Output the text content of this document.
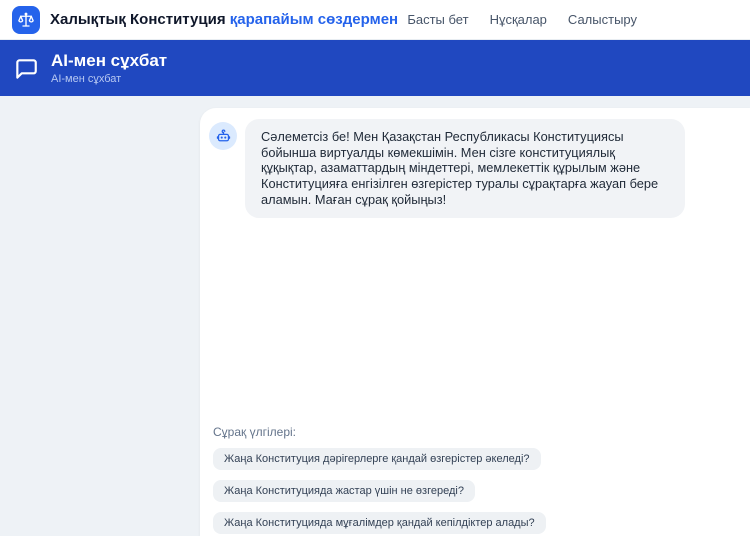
Халықтық Конституция қарапайым сөздермен Басты бет Нұсқалар Салыстыру
AI-мен сұхбат
AI-мен сұхбат
Сәлеметсіз бе! Мен Қазақстан Республикасы Конституциясы бойынша виртуалды көмекшімін. Мен сізге конституциялық құқықтар, азаматтардың міндеттері, мемлекеттік құрылым және Конституцияға енгізілген өзгерістер туралы сұрақтарға жауап бере аламын. Маған сұрақ қойыңыз!
Сұрақ үлгілері:
Жаңа Конституция дәрігерлерге қандай өзгерістер әкеледі?
Жаңа Конституцияда жастар үшін не өзгереді?
Жаңа Конституцияда мұғалімдер қандай кепілдіктер алады?
